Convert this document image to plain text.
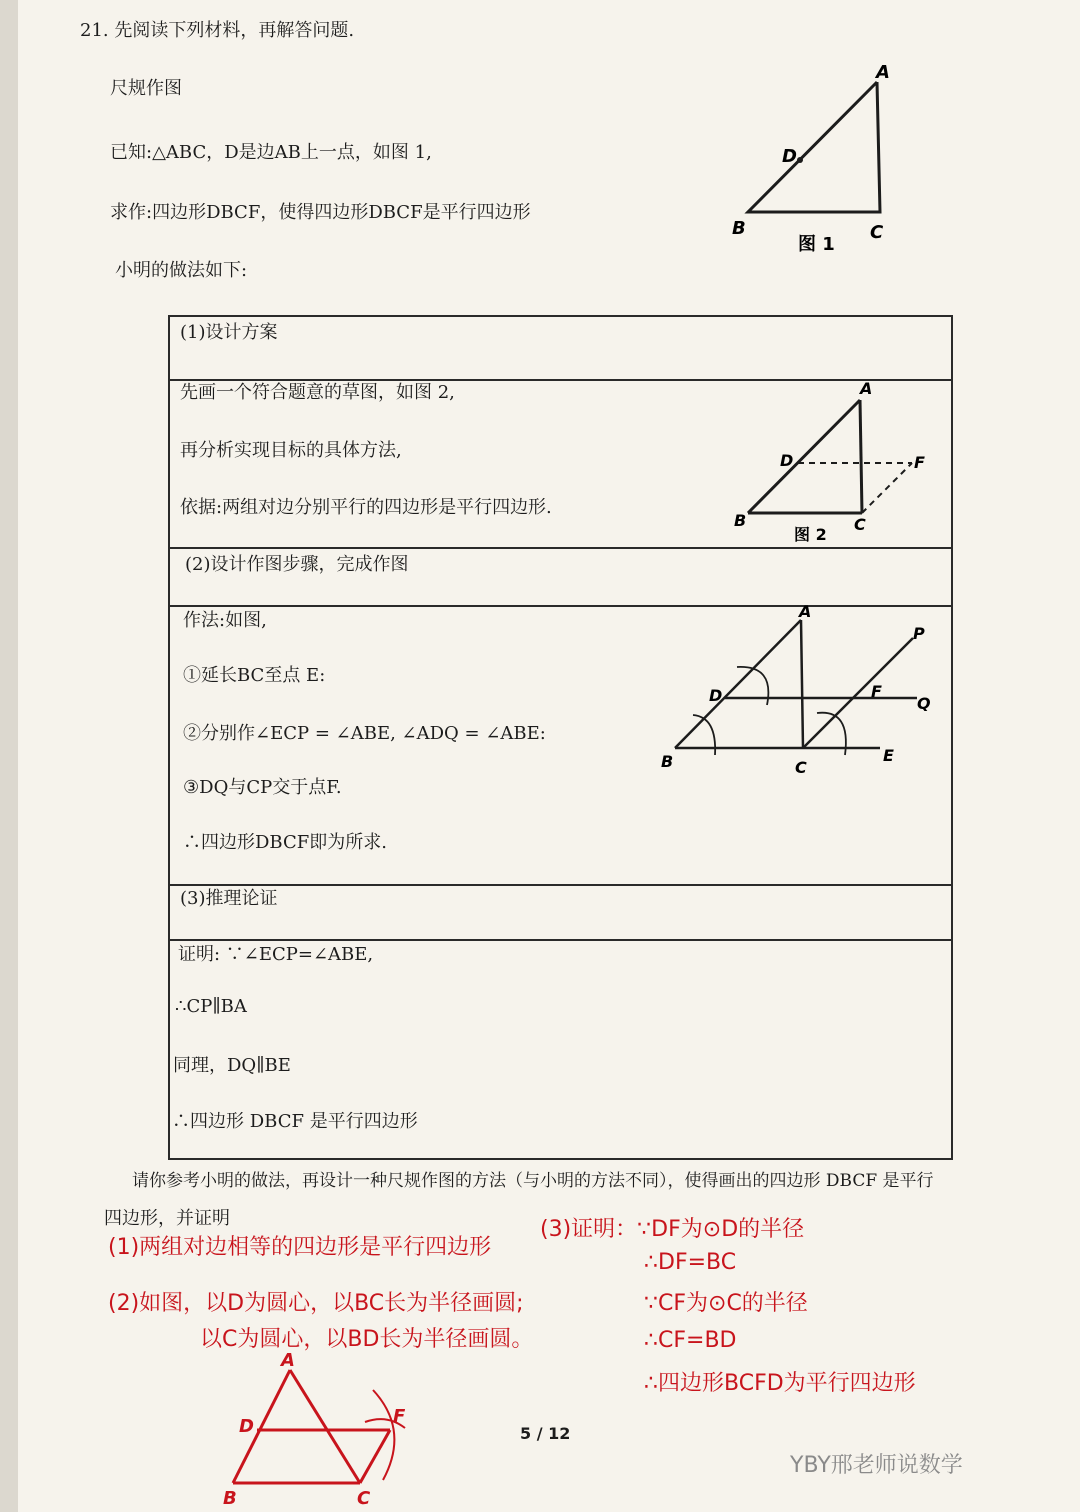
21. 先阅读下列材料，再解答问题.
尺规作图
已知:△ABC，D是边AB上一点，如图 1,
求作:四边形DBCF，使得四边形DBCF是平行四边形
小明的做法如下:
A
B	C
D
图 1
(1)设计方案
先画一个符合题意的草图，如图 2,
再分析实现目标的具体方法,
依据:两组对边分别平行的四边形是平行四边形.
A
B	C
D	F
图 2
(2)设计作图步骤，完成作图
作法:如图,
①延长BC至点 E:
②分别作∠ECP = ∠ABE, ∠ADQ = ∠ABE:
③DQ与CP交于点F.
∴四边形DBCF即为所求.
A
B	C
D
E
F
P
Q
(3)推理论证
证明: ∵∠ECP=∠ABE,
∴CP∥BA
同理，DQ∥BE
∴四边形 DBCF 是平行四边形
请你参考小明的做法，再设计一种尺规作图的方法（与小明的方法不同），使得画出的四边形 DBCF 是平行
四边形，并证明
(1)两组对边相等的四边形是平行四边形
(2)如图，以D为圆心，以BC长为半径画圆;
以C为圆心，以BD长为半径画圆。
(3)证明：∵DF为⊙D的半径
∴DF=BC
∵CF为⊙C的半径
∴CF=BD
∴四边形BCFD为平行四边形
A
B	C
D	F
5 / 12
YBY邢老师说数学
